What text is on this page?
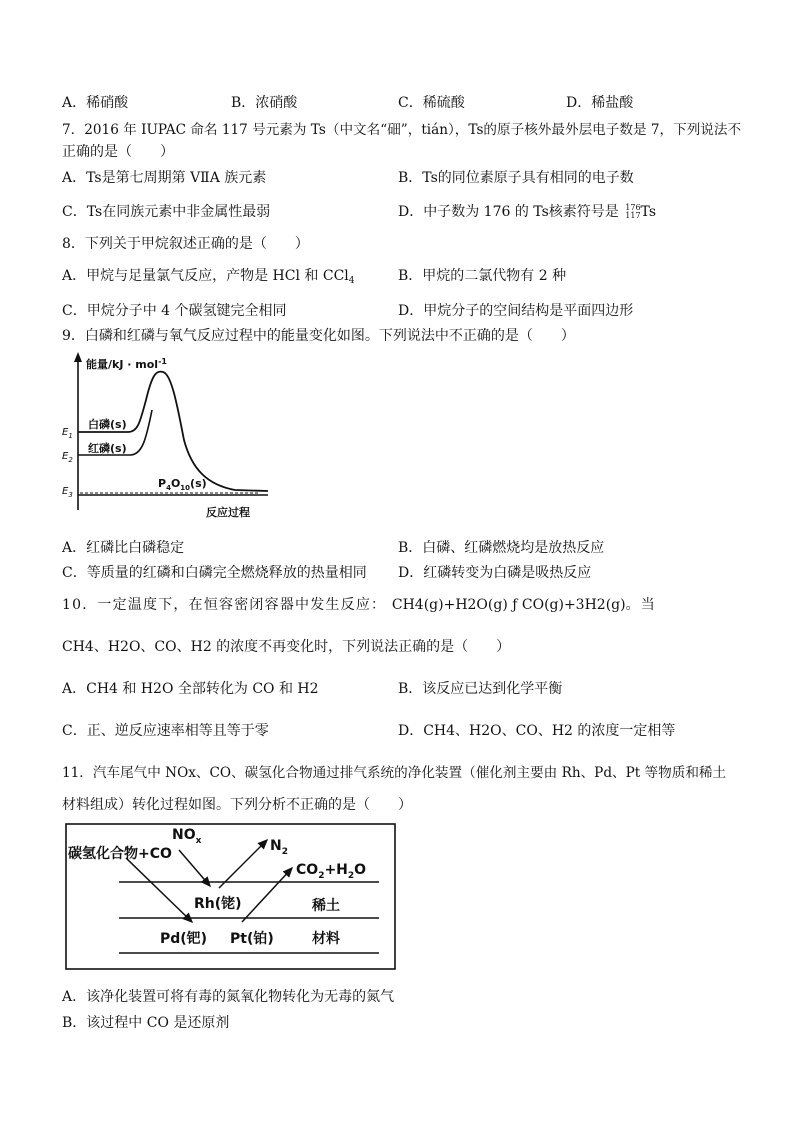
A．稀硝酸	B．浓硝酸	C．稀硫酸	D．稀盐酸
7．2016 年 IUPAC 命名 117 号元素为 Ts（中文名“鿬”，tián），Ts的原子核外最外层电子数是 7，下列说法不
正确的是（　　）
A．Ts是第七周期第 VⅡA 族元素	B．Ts的同位素原子具有相同的电子数
C．Ts在同族元素中非金属性最弱	D．中子数为 176 的 Ts核素符号是 176
117 Ts
8．下列关于甲烷叙述正确的是（　　）
A．甲烷与足量氯气反应，产物是 HCl 和 CCl$_4$	B．甲烷的二氯代物有 2 种
C．甲烷分子中 4 个碳氢键完全相同	D．甲烷分子的空间结构是平面四边形
9．白磷和红磷与氧气反应过程中的能量变化如图。下列说法中不正确的是（　　）
能量/kJ · mol$^{-1}$
白磷(s)
红磷(s)
$P_4O_{10}(s)$
$E_1$
$E_2$
$E_3$
反应过程
A．红磷比白磷稳定	B．白磷、红磷燃烧均是放热反应
C．等质量的红磷和白磷完全燃烧释放的热量相同 D．红磷转变为白磷是吸热反应
10．一定温度下，在恒容密闭容器中发生反应： CH4(g)+H2O(g) ƒ CO(g)+3H2(g)。当
CH4、H2O、CO、H2 的浓度不再变化时，下列说法正确的是（　　）
A．CH4 和 H2O 全部转化为 CO 和 H2	B．该反应已达到化学平衡
C．正、逆反应速率相等且等于零	D．CH4、H2O、CO、H2 的浓度一定相等
11．汽车尾气中 NOx、CO、碳氢化合物通过排气系统的净化装置（催化剂主要由 Rh、Pd、Pt 等物质和稀土
材料组成）转化过程如图。下列分析不正确的是（　　）
碳氢化合物+CO
$NO_x$	$N_2$
$CO_2+H_2O$
Rh(铑)	稀土
Pd(钯) Pt(铂)	材料
A．该净化装置可将有毒的氮氧化物转化为无毒的氮气
B．该过程中 CO 是还原剂
